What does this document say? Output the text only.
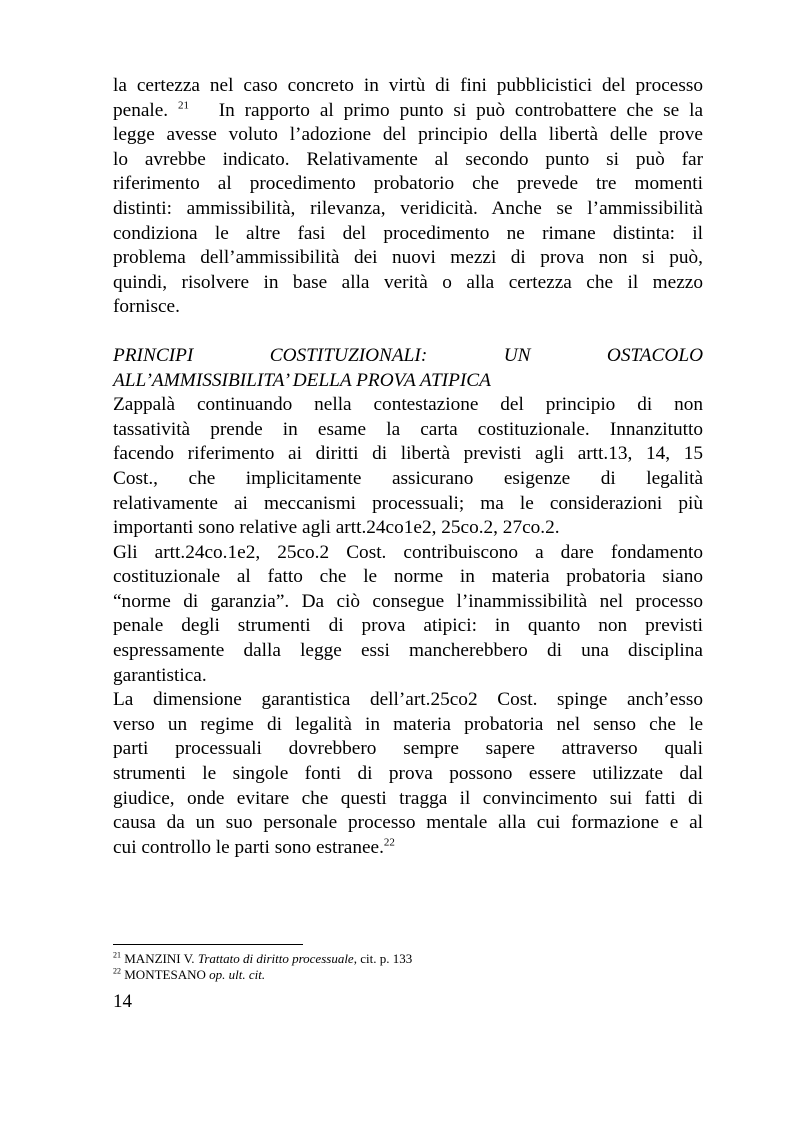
la certezza nel caso concreto in virtù di fini pubblicistici del processo
penale. $^{21}$ In rapporto al primo punto si può controbattere che se la
legge avesse voluto l’adozione del principio della libertà delle prove
lo avrebbe indicato. Relativamente al secondo punto si può far
riferimento al procedimento probatorio che prevede tre momenti
distinti: ammissibilità, rilevanza, veridicità. Anche se l’ammissibilità
condiziona le altre fasi del procedimento ne rimane distinta: il
problema dell’ammissibilità dei nuovi mezzi di prova non si può,
quindi, risolvere in base alla verità o alla certezza che il mezzo
fornisce.
PRINCIPI COSTITUZIONALI: UN OSTACOLO
ALL’AMMISSIBILITA’ DELLA PROVA ATIPICA
Zappalà continuando nella contestazione del principio di non
tassatività prende in esame la carta costituzionale. Innanzitutto
facendo riferimento ai diritti di libertà previsti agli artt.13, 14, 15
Cost., che implicitamente assicurano esigenze di legalità
relativamente ai meccanismi processuali; ma le considerazioni più
importanti sono relative agli artt.24co1e2, 25co.2, 27co.2.
Gli artt.24co.1e2, 25co.2 Cost. contribuiscono a dare fondamento
costituzionale al fatto che le norme in materia probatoria siano
“norme di garanzia”. Da ciò consegue l’inammissibilità nel processo
penale degli strumenti di prova atipici: in quanto non previsti
espressamente dalla legge essi mancherebbero di una disciplina
garantistica.
La dimensione garantistica dell’art.25co2 Cost. spinge anch’esso
verso un regime di legalità in materia probatoria nel senso che le
parti processuali dovrebbero sempre sapere attraverso quali
strumenti le singole fonti di prova possono essere utilizzate dal
giudice, onde evitare che questi tragga il convincimento sui fatti di
causa da un suo personale processo mentale alla cui formazione e al
cui controllo le parti sono estranee.$^{22}$

$^{21}$ MANZINI V. Trattato di diritto processuale, cit. p. 133

$^{22}$ MONTESANO op. ult. cit.

14
